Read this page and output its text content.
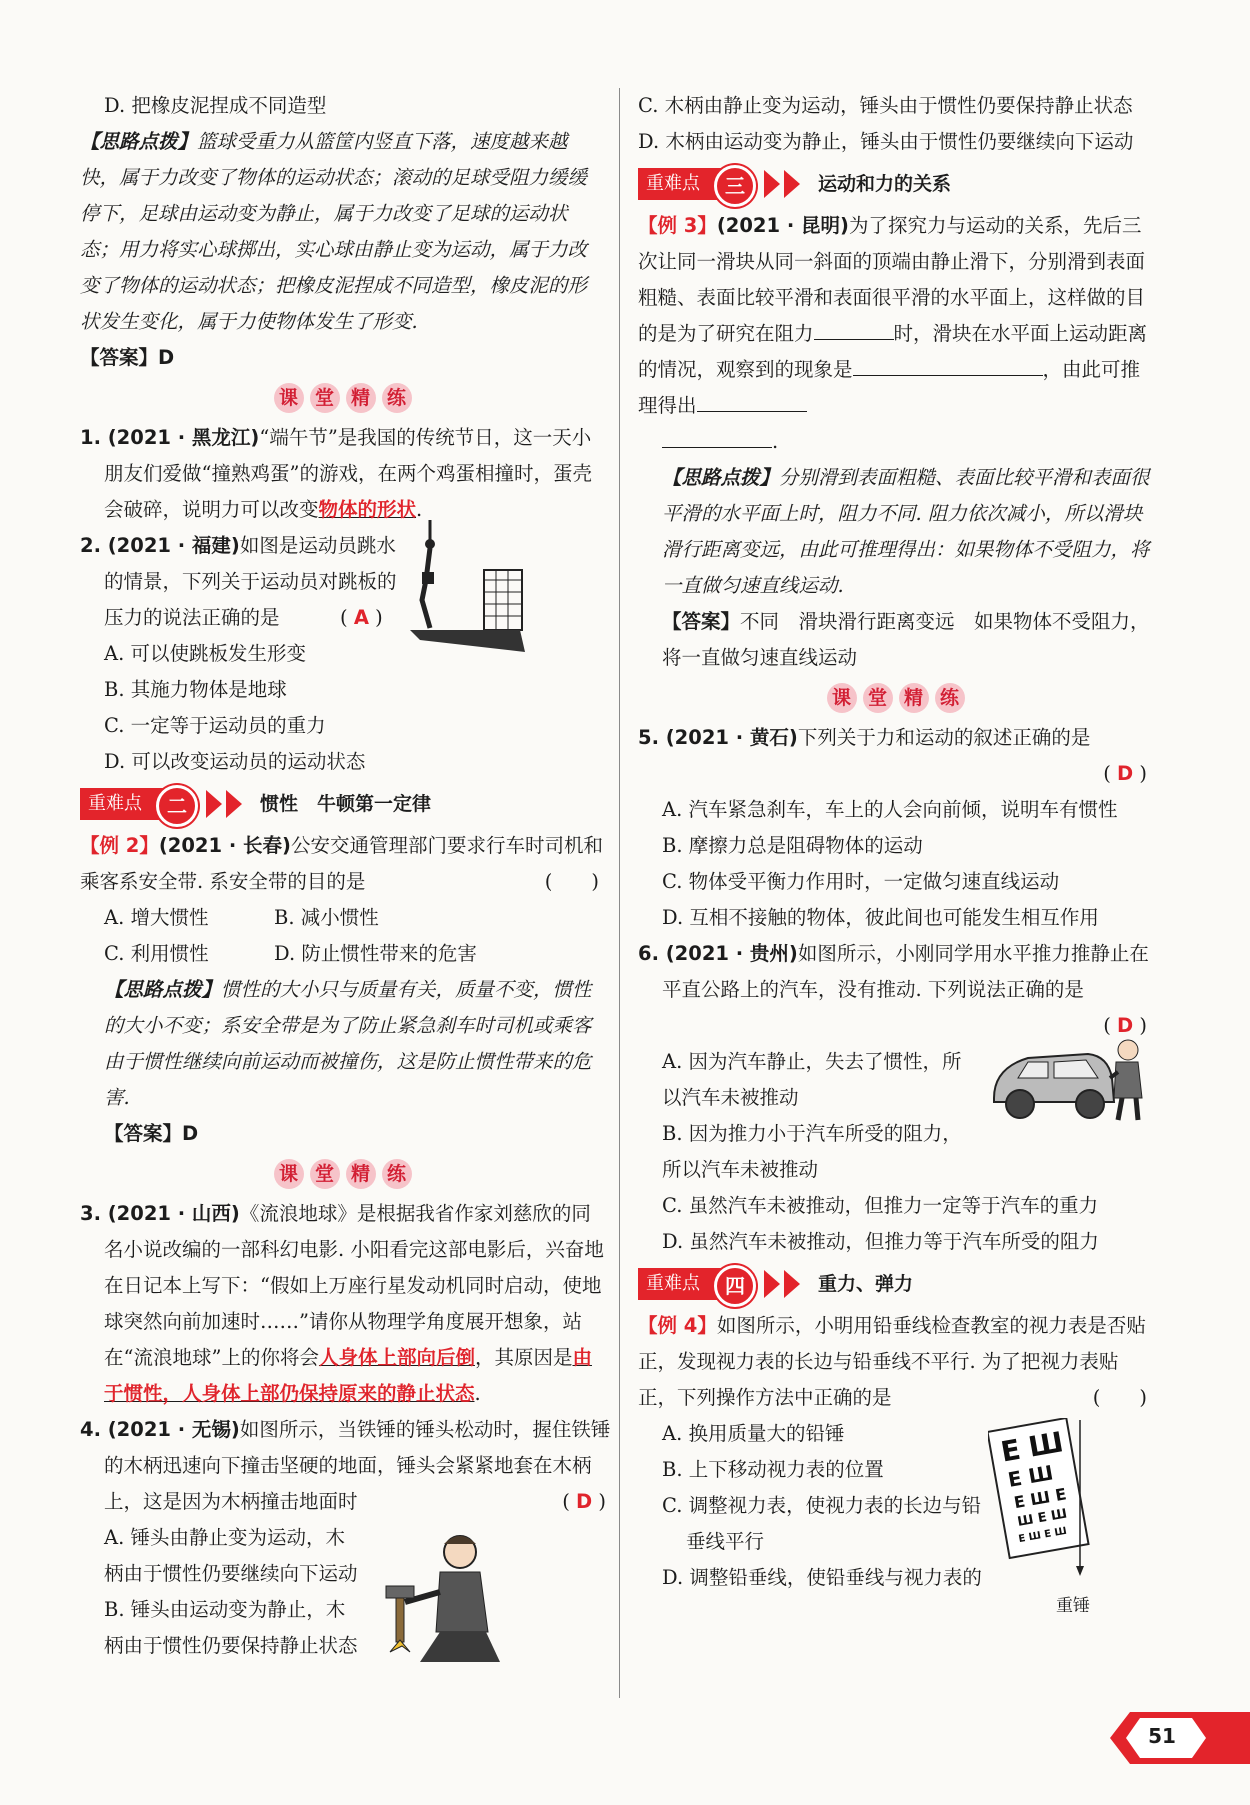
D. 把橡皮泥捏成不同造型

【思路点拨】篮球受重力从篮筐内竖直下落，速度越来越快，属于力改变了物体的运动状态；滚动的足球受阻力缓缓停下，足球由运动变为静止，属于力改变了足球的运动状态；用力将实心球掷出，实心球由静止变为运动，属于力改变了物体的运动状态；把橡皮泥捏成不同造型，橡皮泥的形状发生变化，属于力使物体发生了形变.

【答案】D

课 堂 精 练

1. (2021 · 黑龙江)“端午节”是我国的传统节日，这一天小朋友们爱做“撞熟鸡蛋”的游戏，在两个鸡蛋相撞时，蛋壳会破碎，说明力可以改变物体的形状.

2. (2021 · 福建)如图是运动员跳水的情景，下列关于运动员对跳板的压力的说法正确的是	( A )

A. 可以使跳板发生形变

B. 其施力物体是地球

C. 一定等于运动员的重力

D. 可以改变运动员的运动状态

重难点	二	惯性　牛顿第一定律

【例 2】(2021 · 长春)公安交通管理部门要求行车时司机和乘客系安全带. 系安全带的目的是	(　　)

A. 增大惯性	B. 减小惯性

C. 利用惯性	D. 防止惯性带来的危害

【思路点拨】惯性的大小只与质量有关，质量不变，惯性的大小不变；系安全带是为了防止紧急刹车时司机或乘客由于惯性继续向前运动而被撞伤，这是防止惯性带来的危害.

【答案】D

课 堂 精 练

3. (2021 · 山西)《流浪地球》是根据我省作家刘慈欣的同名小说改编的一部科幻电影. 小阳看完这部电影后，兴奋地在日记本上写下：“假如上万座行星发动机同时启动，使地球突然向前加速时……”请你从物理学角度展开想象，站在“流浪地球”上的你将会人身体上部向后倒，其原因是由于惯性，人身体上部仍保持原来的静止状态.

4. (2021 · 无锡)如图所示，当铁锤的锤头松动时，握住铁锤的木柄迅速向下撞击坚硬的地面，锤头会紧紧地套在木柄上，这是因为木柄撞击地面时	( D )

A. 锤头由静止变为运动，木柄由于惯性仍要继续向下运动

B. 锤头由运动变为静止，木柄由于惯性仍要保持静止状态

C. 木柄由静止变为运动，锤头由于惯性仍要保持静止状态

D. 木柄由运动变为静止，锤头由于惯性仍要继续向下运动

重难点	三	运动和力的关系

【例 3】(2021 · 昆明)为了探究力与运动的关系，先后三次让同一滑块从同一斜面的顶端由静止滑下，分别滑到表面粗糙、表面比较平滑和表面很平滑的水平面上，这样做的目的是为了研究在阻力	时，滑块在水平面上运动距离的情况，观察到的现象是	，由此可推理得出
.

【思路点拨】分别滑到表面粗糙、表面比较平滑和表面很平滑的水平面上时，阻力不同. 阻力依次减小，所以滑块滑行距离变远，由此可推理得出：如果物体不受阻力，将一直做匀速直线运动.

【答案】不同　滑块滑行距离变远　如果物体不受阻力，将一直做匀速直线运动

课 堂 精 练

5. (2021 · 黄石)下列关于力和运动的叙述正确的是

( D )

A. 汽车紧急刹车，车上的人会向前倾，说明车有惯性

B. 摩擦力总是阻碍物体的运动

C. 物体受平衡力作用时，一定做匀速直线运动

D. 互相不接触的物体，彼此间也可能发生相互作用

6. (2021 · 贵州)如图所示，小刚同学用水平推力推静止在平直公路上的汽车，没有推动. 下列说法正确的是

( D )

A. 因为汽车静止，失去了惯性，所以汽车未被推动

B. 因为推力小于汽车所受的阻力，所以汽车未被推动

C. 虽然汽车未被推动，但推力一定等于汽车的重力

D. 虽然汽车未被推动，但推力等于汽车所受的阻力

重难点	四	重力、弹力

【例 4】如图所示，小明用铅垂线检查教室的视力表是否贴正，发现视力表的长边与铅垂线不平行. 为了把视力表贴正，下列操作方法中正确的是	(　　)

A. 换用质量大的铅锤

B. 上下移动视力表的位置

C. 调整视力表，使视力表的长边与铅垂线平行

D. 调整铅垂线，使铅垂线与视力表的

E Ш
E Ш
E Ш E
Ш E Ш
E Ш E Ш
重锤
51
